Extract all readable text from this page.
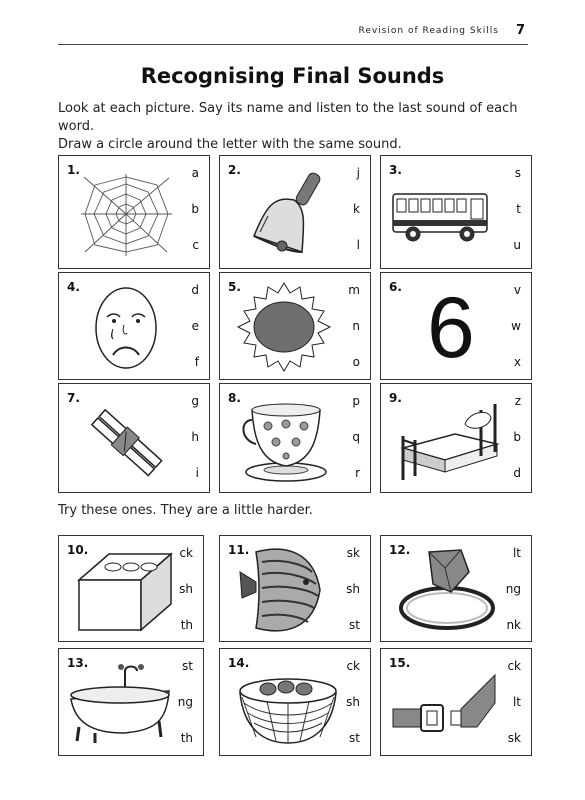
Revision of Reading Skills 7
Recognising Final Sounds
Look at each picture. Say its name and listen to the last sound of each word.
Draw a circle around the letter with the same sound.
1.	a
b
c
2.	j
k
l
3.	s
t
u
4.	d
e
f
5.	m
n
o
6.	v
w
x
6
7.	g
h
i
8.	p
q
r
9.	z
b
d
Try these ones. They are a little harder.
10.	ck
sh
th
11.	sk
sh
st
12.	lt
ng
nk
13.	st
ng
th
14.	ck
sh
st
15.	ck
lt
sk
